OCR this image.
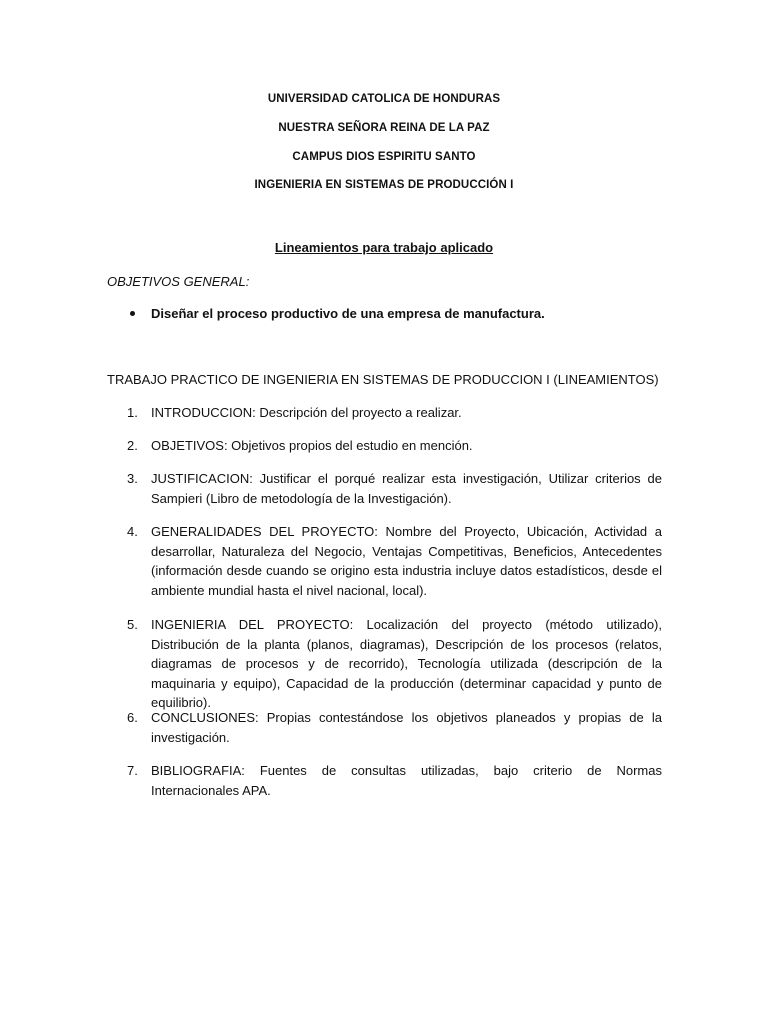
UNIVERSIDAD CATOLICA DE HONDURAS
NUESTRA SEÑORA REINA DE LA PAZ
CAMPUS DIOS ESPIRITU SANTO
INGENIERIA EN SISTEMAS DE PRODUCCIÓN I
Lineamientos para trabajo aplicado
OBJETIVOS GENERAL:
Diseñar el proceso productivo de una empresa de manufactura.
TRABAJO PRACTICO DE INGENIERIA EN SISTEMAS DE PRODUCCION I (LINEAMIENTOS)
1.	INTRODUCCION: Descripción del proyecto a realizar.
2.	OBJETIVOS: Objetivos propios del estudio en mención.
3.	JUSTIFICACION: Justificar el porqué realizar esta investigación, Utilizar criterios de Sampieri (Libro de metodología de la Investigación).
4.	GENERALIDADES DEL PROYECTO: Nombre del Proyecto, Ubicación, Actividad a desarrollar, Naturaleza del Negocio, Ventajas Competitivas, Beneficios, Antecedentes (información desde cuando se origino esta industria incluye datos estadísticos, desde el ambiente mundial hasta el nivel nacional, local).
5.	INGENIERIA DEL PROYECTO: Localización del proyecto (método utilizado), Distribución de la planta (planos, diagramas), Descripción de los procesos (relatos, diagramas de procesos y de recorrido), Tecnología utilizada (descripción de la maquinaria y equipo), Capacidad de la producción (determinar capacidad y punto de equilibrio).
6.	CONCLUSIONES: Propias contestándose los objetivos planeados y propias de la investigación.
7.	BIBLIOGRAFIA: Fuentes de consultas utilizadas, bajo criterio de Normas Internacionales APA.
